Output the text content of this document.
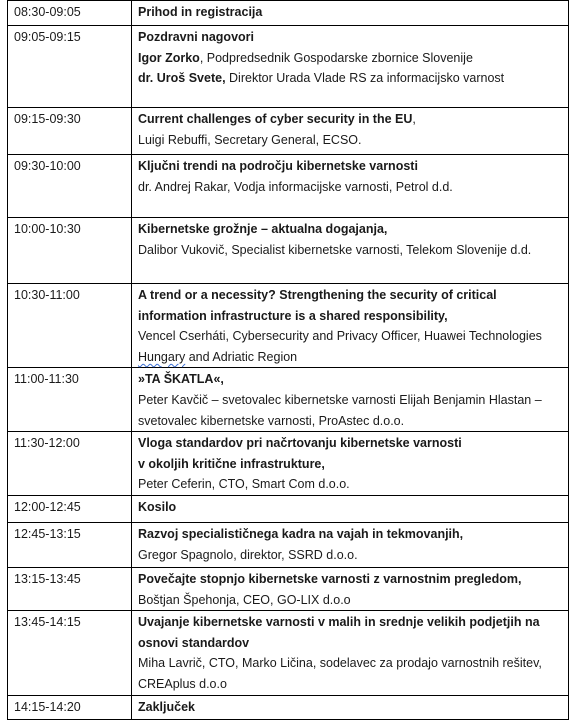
08:30-09:05	Prihod in registracija
09:05-09:15	Pozdravni nagovori
Igor Zorko, Podpredsednik Gospodarske zbornice Slovenije
dr. Uroš Svete, Direktor Urada Vlade RS za informacijsko varnost

09:15-09:30	Current challenges of cyber security in the EU,
Luigi Rebuffi, Secretary General, ECSO.

09:30-10:00	Ključni trendi na področju kibernetske varnosti
dr. Andrej Rakar, Vodja informacijske varnosti, Petrol d.d.

10:00-10:30	Kibernetske grožnje – aktualna dogajanja,
Dalibor Vukovič, Specialist kibernetske varnosti, Telekom Slovenije d.d.

10:30-11:00	A trend or a necessity? Strengthening the security of critical information infrastructure is a shared responsibility,
Vencel Cserháti, Cybersecurity and Privacy Officer, Huawei Technologies Hungary and Adriatic Region

11:00-11:30	»TA ŠKATLA«,
Peter Kavčič – svetovalec kibernetske varnosti Elijah Benjamin Hlastan – svetovalec kibernetske varnosti, ProAstec d.o.o.

11:30-12:00	Vloga standardov pri načrtovanju kibernetske varnosti
v okoljih kritične infrastrukture,
Peter Ceferin, CTO, Smart Com d.o.o.

12:00-12:45	Kosilo

12:45-13:15	Razvoj specialističnega kadra na vajah in tekmovanjih,
Gregor Spagnolo, direktor, SSRD d.o.o.

13:15-13:45	Povečajte stopnjo kibernetske varnosti z varnostnim pregledom,
Boštjan Špehonja, CEO, GO-LIX d.o.o

13:45-14:15	Uvajanje kibernetske varnosti v malih in srednje velikih podjetjih na osnovi standardov
Miha Lavrič, CTO, Marko Ličina, sodelavec za prodajo varnostnih rešitev, CREAplus d.o.o

14:15-14:20	Zaključek
